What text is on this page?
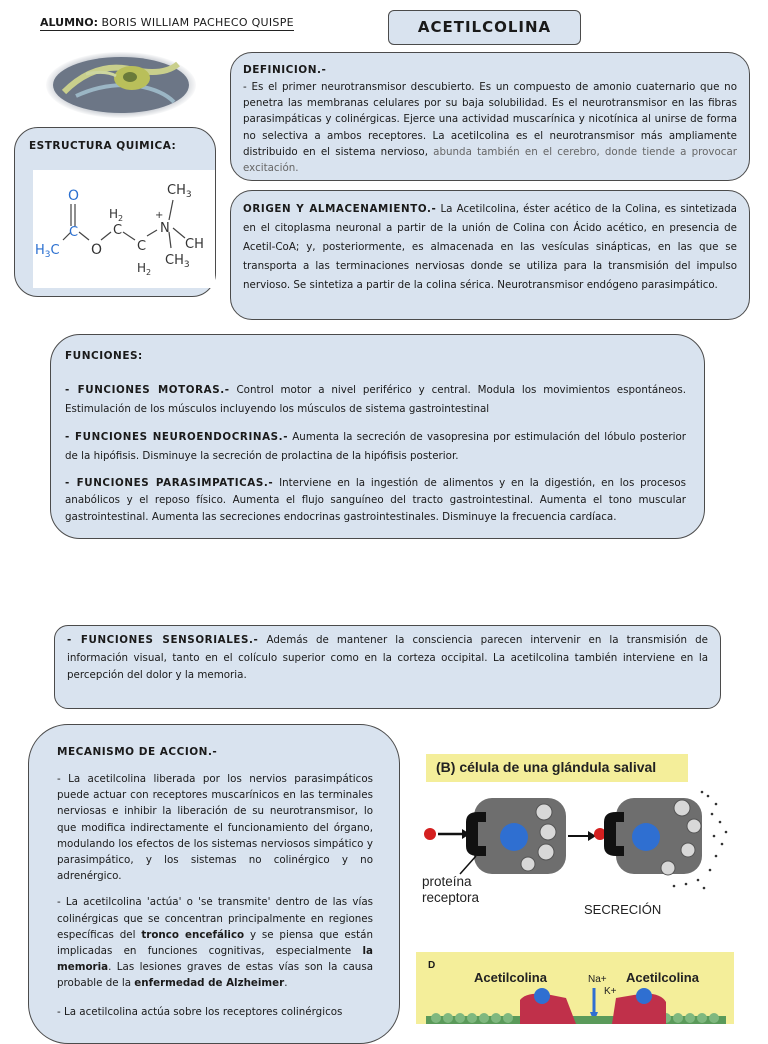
ALUMNO: BORIS WILLIAM PACHECO QUISPE	ACETILCOLINA
ESTRUCTURA QUIMICA:
O
$H_3C$
C
O
C
$H_2$
C
$H_2$
+
N
$CH_3$
CH
$CH_3$
DEFINICION.-
- Es el primer neurotransmisor descubierto. Es un compuesto de amonio cuaternario que no penetra las membranas celulares por su baja solubilidad. Es el neurotransmisor en las fibras parasimpáticas y colinérgicas. Ejerce una actividad muscarínica y nicotínica al unirse de forma no selectiva a ambos receptores. La acetilcolina es el neurotransmisor más ampliamente distribuido en el sistema nervioso, abunda también en el cerebro, donde tiende a provocar excitación.
ORIGEN Y ALMACENAMIENTO.- La Acetilcolina, éster acético de la Colina, es sintetizada en el citoplasma neuronal a partir de la unión de Colina con Ácido acético, en presencia de Acetil-CoA; y, posteriormente, es almacenada en las vesículas sinápticas, en las que se transporta a las terminaciones nerviosas donde se utiliza para la transmisión del impulso nervioso. Se sintetiza a partir de la colina sérica. Neurotransmisor endógeno parasimpático.
FUNCIONES:
- FUNCIONES MOTORAS.- Control motor a nivel periférico y central. Modula los movimientos espontáneos. Estimulación de los músculos incluyendo los músculos de sistema gastrointestinal
- FUNCIONES NEUROENDOCRINAS.- Aumenta la secreción de vasopresina por estimulación del lóbulo posterior de la hipófisis. Disminuye la secreción de prolactina de la hipófisis posterior.
- FUNCIONES PARASIMPATICAS.- Interviene en la ingestión de alimentos y en la digestión, en los procesos anabólicos y el reposo físico. Aumenta el flujo sanguíneo del tracto gastrointestinal. Aumenta el tono muscular gastrointestinal. Aumenta las secreciones endocrinas gastrointestinales. Disminuye la frecuencia cardíaca.
- FUNCIONES SENSORIALES.- Además de mantener la consciencia parecen intervenir en la transmisión de información visual, tanto en el colículo superior como en la corteza occipital. La acetilcolina también interviene en la percepción del dolor y la memoria.
MECANISMO DE ACCION.-
- La acetilcolina liberada por los nervios parasimpáticos puede actuar con receptores muscarínicos en las terminales nerviosas e inhibir la liberación de su neurotransmisor, lo que modifica indirectamente el funcionamiento del órgano, modulando los efectos de los sistemas nerviosos simpático y parasimpático, y los sistemas no colinérgico y no adrenérgico.
- La acetilcolina 'actúa' o 'se transmite' dentro de las vías colinérgicas que se concentran principalmente en regiones específicas del tronco encefálico y se piensa que están implicadas en funciones cognitivas, especialmente la memoria. Las lesiones graves de estas vías son la causa probable de la enfermedad de Alzheimer.
- La acetilcolina actúa sobre los receptores colinérgicos
(B) célula de una glándula salival
proteína
receptora
SECRECIÓN
D
Acetilcolina	Acetilcolina
Na+
K+
